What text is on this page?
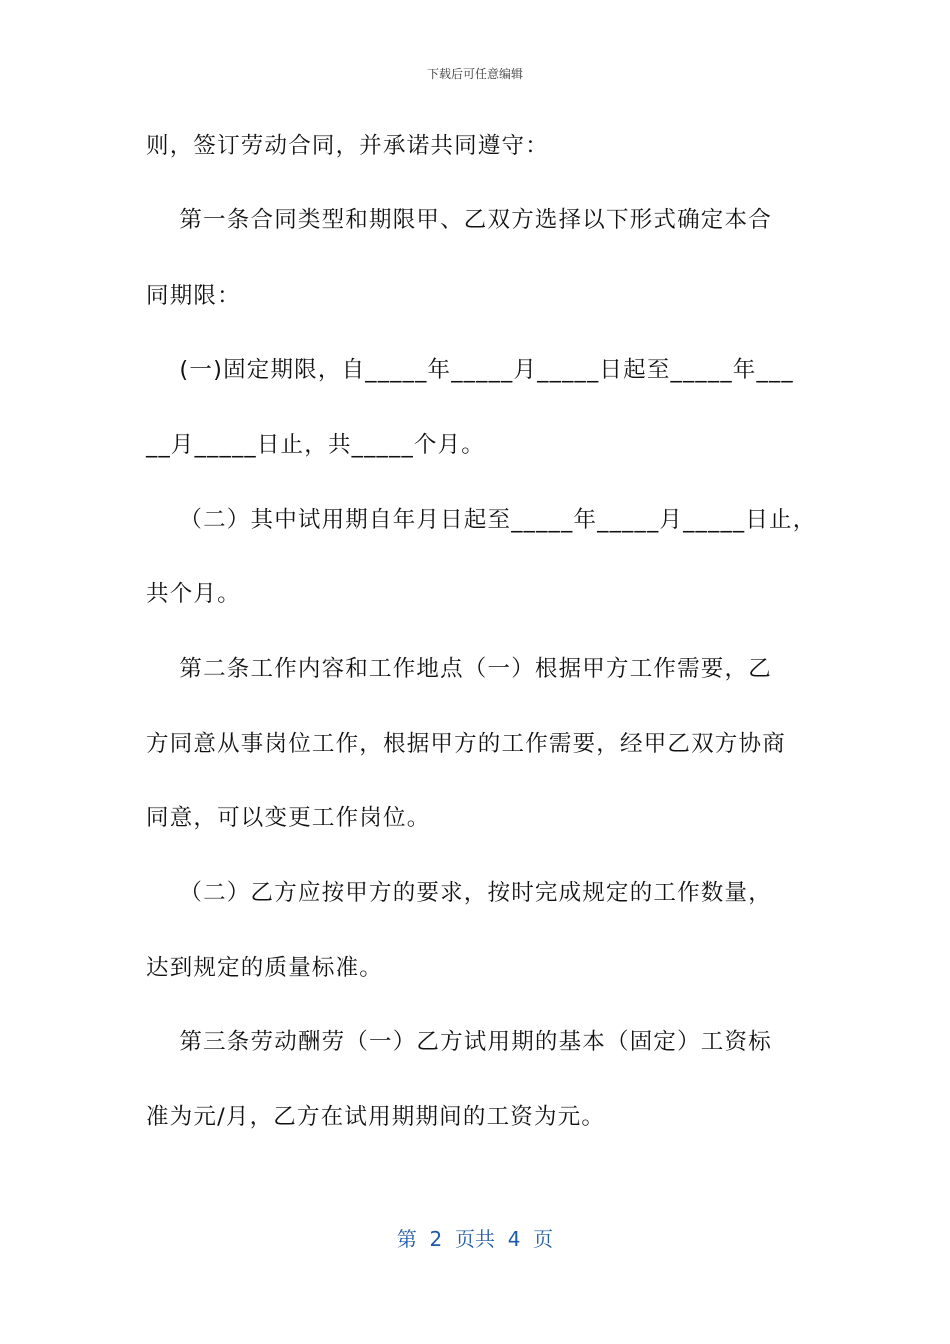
下载后可任意编辑
则，签订劳动合同，并承诺共同遵守：
第一条合同类型和期限甲、乙双方选择以下形式确定本合
同期限：
(一)固定期限，自_____年_____月_____日起至_____年___
__月_____日止，共_____个月。
（二）其中试用期自年月日起至_____年_____月_____日止，
共个月。
第二条工作内容和工作地点（一）根据甲方工作需要，乙
方同意从事岗位工作，根据甲方的工作需要，经甲乙双方协商
同意，可以变更工作岗位。
（二）乙方应按甲方的要求，按时完成规定的工作数量，
达到规定的质量标准。
第三条劳动酬劳（一）乙方试用期的基本（固定）工资标
准为元/月，乙方在试用期期间的工资为元。
第  2  页共  4  页
